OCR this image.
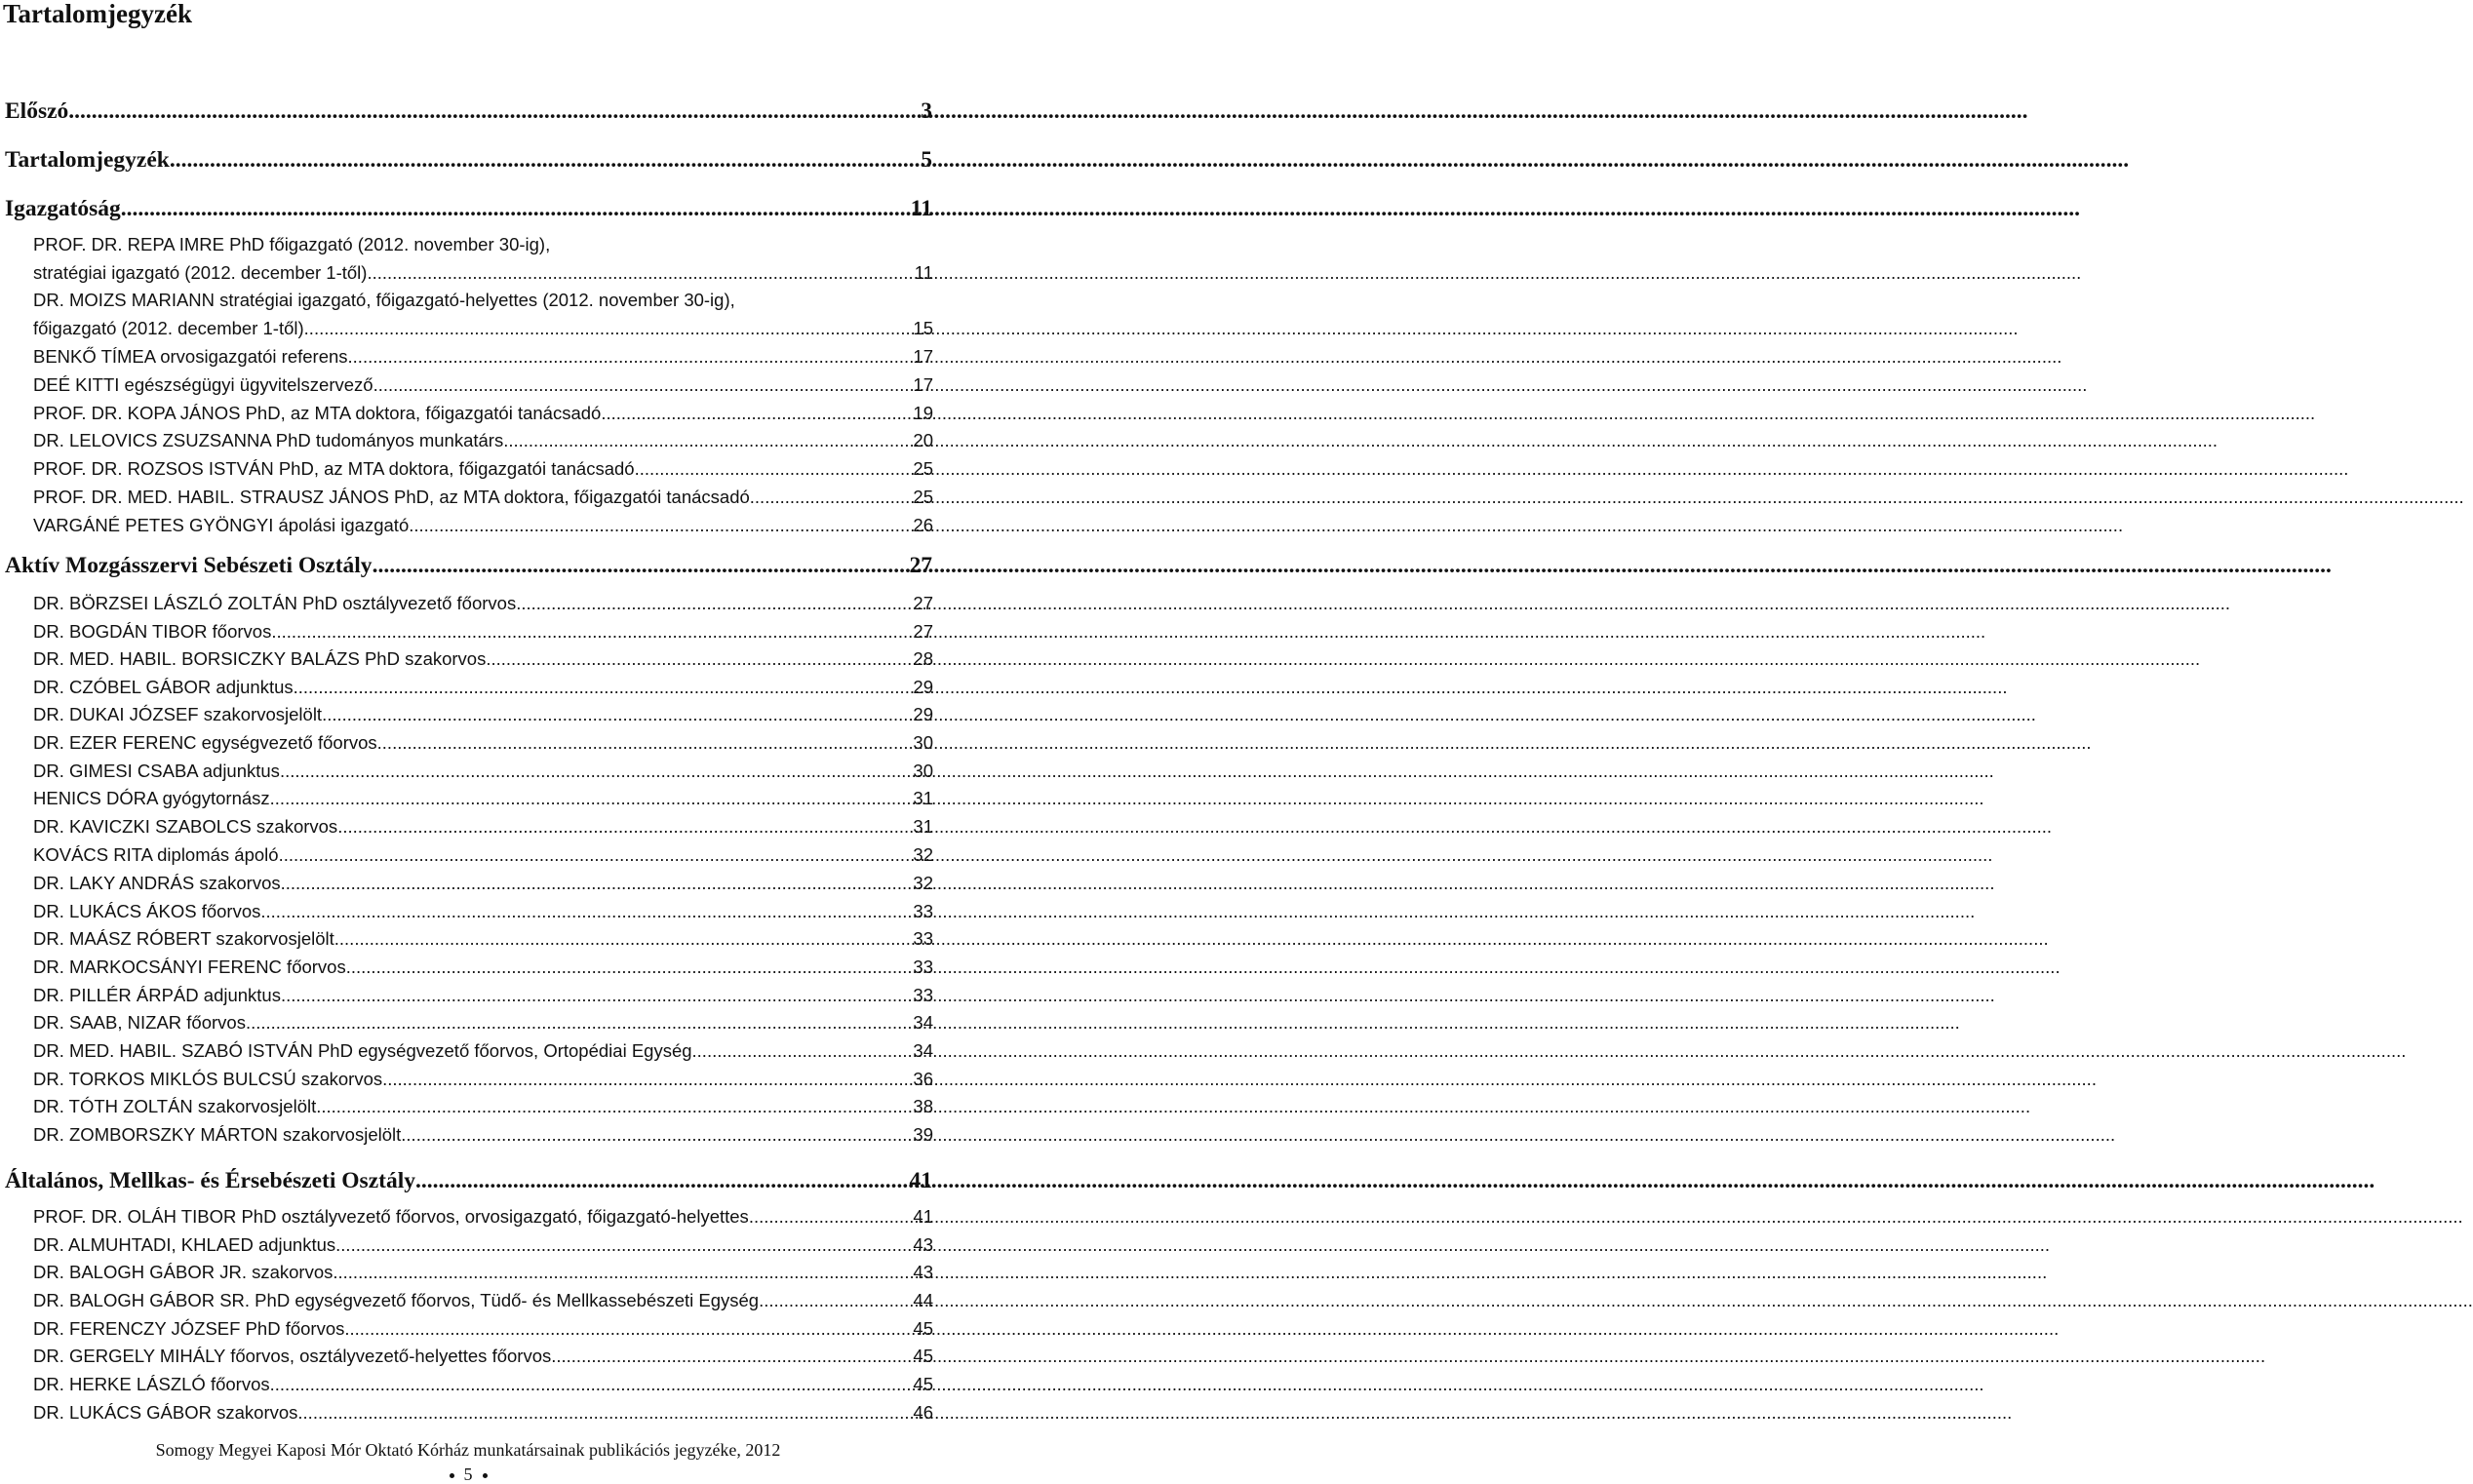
Tartalomjegyzék
Előszó .....	3
Tartalomjegyzék .....	5
Igazgatóság .....	11
PROF. DR. REPA IMRE PhD főigazgató (2012. november 30-ig),
stratégiai igazgató (2012. december 1-től) .....	11
DR. MOIZS MARIANN stratégiai igazgató, főigazgató-helyettes (2012. november 30-ig),
főigazgató (2012. december 1-től) .....	15
BENKŐ TÍMEA orvosigazgatói referens .....	17
DEÉ KITTI egészségügyi ügyvitelszervező .....	17
PROF. DR. KOPA JÁNOS PhD, az MTA doktora, főigazgatói tanácsadó .....	19
DR. LELOVICS ZSUZSANNA PhD tudományos munkatárs .....	20
PROF. DR. ROZSOS ISTVÁN PhD, az MTA doktora, főigazgatói tanácsadó .....	25
PROF. DR. MED. HABIL. STRAUSZ JÁNOS PhD, az MTA doktora, főigazgatói tanácsadó .....	25
VARGÁNÉ PETES GYÖNGYI ápolási igazgató .....	26
Aktív Mozgásszervi Sebészeti Osztály .....	27
DR. BÖRZSEI LÁSZLÓ ZOLTÁN PhD osztályvezető főorvos .....	27
DR. BOGDÁN TIBOR főorvos .....	27
DR. MED. HABIL. BORSICZKY BALÁZS PhD szakorvos .....	28
DR. CZÓBEL GÁBOR adjunktus .....	29
DR. DUKAI JÓZSEF szakorvosjelölt .....	29
DR. EZER FERENC egységvezető főorvos .....	30
DR. GIMESI CSABA adjunktus .....	30
HENICS DÓRA gyógytornász .....	31
DR. KAVICZKI SZABOLCS szakorvos .....	31
KOVÁCS RITA diplomás ápoló .....	32
DR. LAKY ANDRÁS szakorvos .....	32
DR. LUKÁCS ÁKOS főorvos .....	33
DR. MAÁSZ RÓBERT szakorvosjelölt .....	33
DR. MARKOCSÁNYI FERENC főorvos .....	33
DR. PILLÉR ÁRPÁD adjunktus .....	33
DR. SAAB, NIZAR főorvos .....	34
DR. MED. HABIL. SZABÓ ISTVÁN PhD egységvezető főorvos, Ortopédiai Egység .....	34
DR. TORKOS MIKLÓS BULCSÚ szakorvos .....	36
DR. TÓTH ZOLTÁN szakorvosjelölt .....	38
DR. ZOMBORSZKY MÁRTON szakorvosjelölt .....	39
Általános, Mellkas- és Érsebészeti Osztály .....	41
PROF. DR. OLÁH TIBOR PhD osztályvezető főorvos, orvosigazgató, főigazgató-helyettes .....	41
DR. ALMUHTADI, KHLAED adjunktus .....	43
DR. BALOGH GÁBOR JR. szakorvos .....	43
DR. BALOGH GÁBOR SR. PhD egységvezető főorvos, Tüdő- és Mellkassebészeti Egység .....	44
DR. FERENCZY JÓZSEF PhD főorvos .....	45
DR. GERGELY MIHÁLY főorvos, osztályvezető-helyettes főorvos .....	45
DR. HERKE LÁSZLÓ főorvos .....	45
DR. LUKÁCS GÁBOR szakorvos .....	46
Somogy Megyei Kaposi Mór Oktató Kórház munkatársainak publikációs jegyzéke, 2012
5
